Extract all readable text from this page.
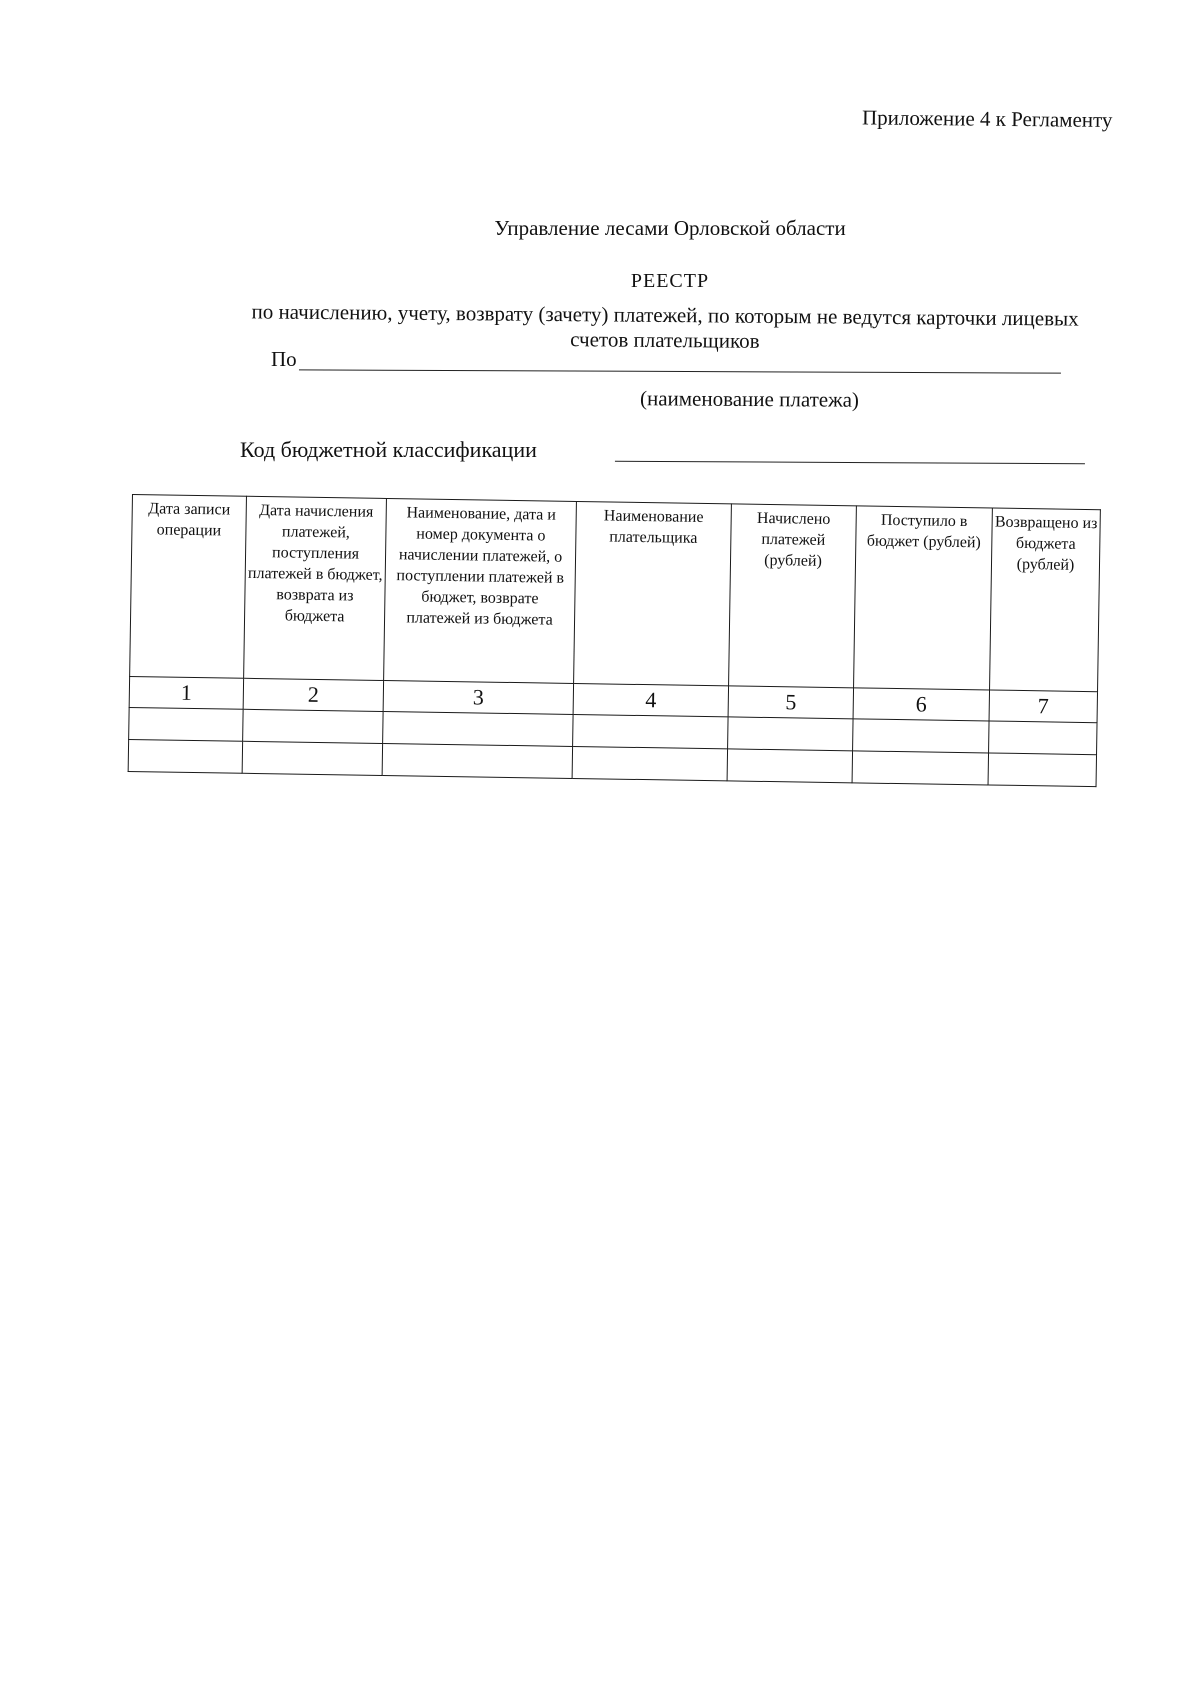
Приложение 4 к Регламенту
Управление лесами Орловской области
РЕЕСТР
по начислению, учету, возврату (зачету) платежей, по которым не ведутся карточки лицевых счетов плательщиков
По
(наименование платежа)
Код бюджетной классификации
Дата записи операции	Дата начисления платежей, поступления платежей в бюджет, возврата из бюджета	Наименование, дата и номер документа о начислении платежей, о поступлении платежей в бюджет, возврате платежей из бюджета	Наименование плательщика	Начислено платежей (рублей)	Поступило в бюджет (рублей)	Возвращено из бюджета (рублей)
1	2	3	4	5	6	7
